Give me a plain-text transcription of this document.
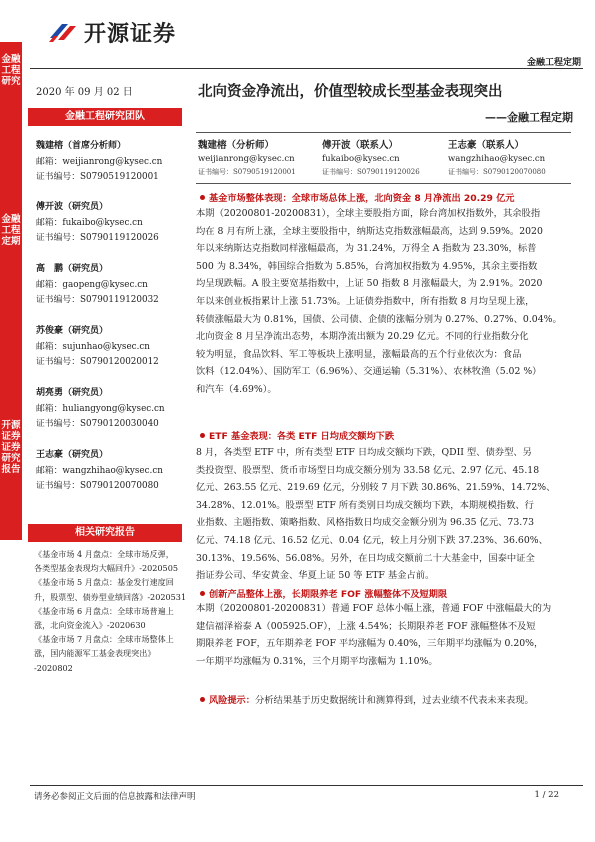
金融工程研究
金融工程定期
开源证券 证券研究报告
开源证券
金融工程定期
2020 年 09 月 02 日	北向资金净流出，价值型较成长型基金表现突出
——金融工程定期
金融工程研究团队
魏建榕（首席分析师）
邮箱：weijianrong@kysec.cn
证书编号：S0790519120001
傅开波（研究员）
邮箱：fukaibo@kysec.cn
证书编号：S0790119120026
高　鹏（研究员）
邮箱：gaopeng@kysec.cn
证书编号：S0790119120032
苏俊豪（研究员）
邮箱：sujunhao@kysec.cn
证书编号：S0790120020012
胡亮勇（研究员）
邮箱：huliangyong@kysec.cn
证书编号：S0790120030040
王志豪（研究员）
邮箱：wangzhihao@kysec.cn
证书编号：S0790120070080
相关研究报告
《基金市场 4 月盘点：全球市场反弹，
各类型基金表现均大幅回升》-2020505
《基金市场 5 月盘点：基金发行速度回
升，股票型、债券型业绩回落》-2020531
《基金市场 6 月盘点：全球市场普遍上
涨，北向资金流入》-2020630
《基金市场 7 月盘点：全球市场整体上
涨，国内能源军工基金表现突出》
-2020802
魏建榕（分析师）
weijianrong@kysec.cn
证书编号：S0790519120001
傅开波（联系人）
fukaibo@kysec.cn
证书编号：S0790119120026
王志豪（联系人）
wangzhihao@kysec.cn
证书编号：S0790120070080
基金市场整体表现：全球市场总体上涨，北向资金 8 月净流出 20.29 亿元
本期（20200801-20200831），全球主要股指方面，除台湾加权指数外，其余股指
均在 8 月有所上涨，全球主要股指中，纳斯达克指数涨幅最高，达到 9.59%。2020
年以来纳斯达克指数同样涨幅最高，为 31.24%，万得全 A 指数为 23.30%，标普
500 为 8.34%，韩国综合指数为 5.85%，台湾加权指数为 4.95%，其余主要指数
均呈现跌幅。A 股主要宽基指数中，上证 50 指数 8 月涨幅最大，为 2.91%。2020
年以来创业板指累计上涨 51.73%。上证债券指数中，所有指数 8 月均呈现上涨，
转债涨幅最大为 0.81%，国债、公司债、企债的涨幅分别为 0.27%、0.27%、0.04%。
北向资金 8 月呈净流出态势，本期净流出额为 20.29 亿元。不同的行业指数分化
较为明显，食品饮料、军工等板块上涨明显，涨幅最高的五个行业依次为：食品
饮料（12.04%）、国防军工（6.96%）、交通运输（5.31%）、农林牧渔（5.02 %）
和汽车（4.69%）。
ETF 基金表现：各类 ETF 日均成交额均下跌
8 月，各类型 ETF 中，所有类型 ETF 日均成交额均下跌，QDII 型、债券型、另
类投资型、股票型、货币市场型日均成交额分别为 33.58 亿元、2.97 亿元、45.18
亿元、263.55 亿元、219.69 亿元，分别较 7 月下跌 30.86%、21.59%、14.72%、
34.28%、12.01%。股票型 ETF 所有类别日均成交额均下跌，本期规模指数、行
业指数、主题指数、策略指数、风格指数日均成交金额分别为 96.35 亿元、73.73
亿元、74.18 亿元、16.52 亿元、0.04 亿元，较上月分别下跌 37.23%、36.60%、
30.13%、19.56%、56.08%。另外，在日均成交额前二十大基金中，国泰中证全
指证券公司、华安黄金、华夏上证 50 等 ETF 基金占前。
创新产品整体上涨，长期限养老 FOF 涨幅整体不及短期限
本期（20200801-20200831）普通 FOF 总体小幅上涨，普通 FOF 中涨幅最大的为
建信福泽裕泰 A（005925.OF），上涨 4.54%；长期限养老 FOF 涨幅整体不及短
期限养老 FOF，五年期养老 FOF 平均涨幅为 0.40%，三年期平均涨幅为 0.20%，
一年期平均涨幅为 0.31%，三个月期平均涨幅为 1.10%。
风险提示：分析结果基于历史数据统计和测算得到，过去业绩不代表未来表现。
请务必参阅正文后面的信息披露和法律声明	1 / 22
